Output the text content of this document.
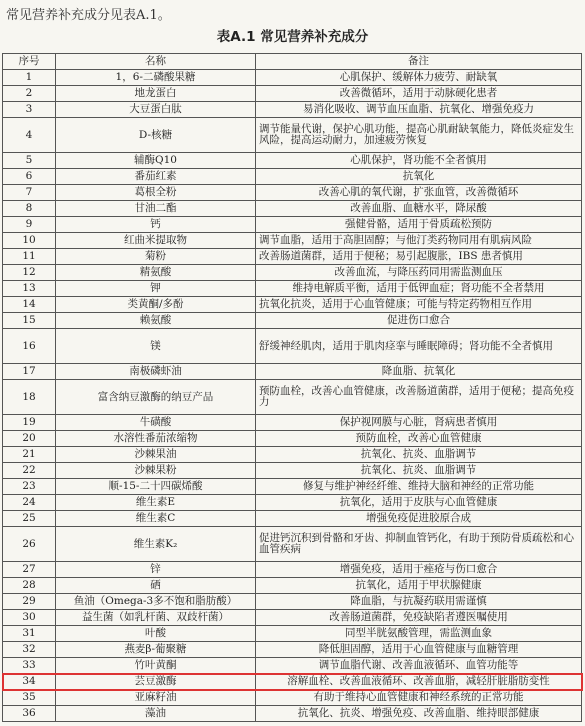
常见营养补充成分见表A.1。
表A.1 常见营养补充成分
序号	名称	备注
1	1，6-二磷酸果糖	心肌保护、缓解体力疲劳、耐缺氧
2	地龙蛋白	改善微循环，适用于动脉硬化患者
3	大豆蛋白肽	易消化吸收、调节血压血脂、抗氧化、增强免疫力
4	D-核糖	调节能量代谢，保护心肌功能，提高心肌耐缺氧能力，降低炎症发生风险，提高运动耐力，加速疲劳恢复
5	辅酶Q10	心肌保护，肾功能不全者慎用
6	番茄红素	抗氧化
7	葛根全粉	改善心肌的氧代谢，扩张血管，改善微循环
8	甘油二酯	改善血脂、血糖水平，降尿酸
9	钙	强健骨骼，适用于骨质疏松预防
10	红曲米提取物	调节血脂，适用于高胆固醇；与他汀类药物同用有肌病风险
11	菊粉	改善肠道菌群，适用于便秘；易引起腹胀，IBS 患者慎用
12	精氨酸	改善血流，与降压药同用需监测血压
13	钾	维持电解质平衡，适用于低钾血症；肾功能不全者禁用
14	类黄酮/多酚	抗氧化抗炎，适用于心血管健康；可能与特定药物相互作用
15	赖氨酸	促进伤口愈合
16	镁	舒缓神经肌肉，适用于肌肉痉挛与睡眠障碍；肾功能不全者慎用
17	南极磷虾油	降血脂、抗氧化
18	富含纳豆激酶的纳豆产品	预防血栓，改善心血管健康，改善肠道菌群，适用于便秘；提高免疫力
19	牛磺酸	保护视网膜与心脏，肾病患者慎用
20	水溶性番茄浓缩物	预防血栓，改善心血管健康
21	沙棘果油	抗氧化、抗炎、血脂调节
22	沙棘果粉	抗氧化、抗炎、血脂调节
23	顺-15-二十四碳烯酸	修复与维护神经纤维、维持大脑和神经的正常功能
24	维生素E	抗氧化，适用于皮肤与心血管健康
25	维生素C	增强免疫促进胶原合成
26	维生素K₂	促进钙沉积到骨骼和牙齿、抑制血管钙化，有助于预防骨质疏松和心血管疾病
27	锌	增强免疫，适用于痤疮与伤口愈合
28	硒	抗氧化，适用于甲状腺健康
29	鱼油（Omega-3多不饱和脂肪酸）	降血脂，与抗凝药联用需谨慎
30	益生菌（如乳杆菌、双歧杆菌）	改善肠道菌群，免疫缺陷者遵医嘱使用
31	叶酸	同型半胱氨酸管理，需监测血象
32	燕麦β-葡聚糖	降低胆固醇，适用于心血管健康与血糖管理
33	竹叶黄酮	调节血脂代谢、改善血液循环、血管功能等
34	芸豆激酶	溶解血栓、改善血液循环、改善血脂，减轻肝脏脂肪变性
35	亚麻籽油	有助于维持心血管健康和神经系统的正常功能
36	藻油	抗氧化、抗炎、增强免疫、改善血脂、维持眼部健康
